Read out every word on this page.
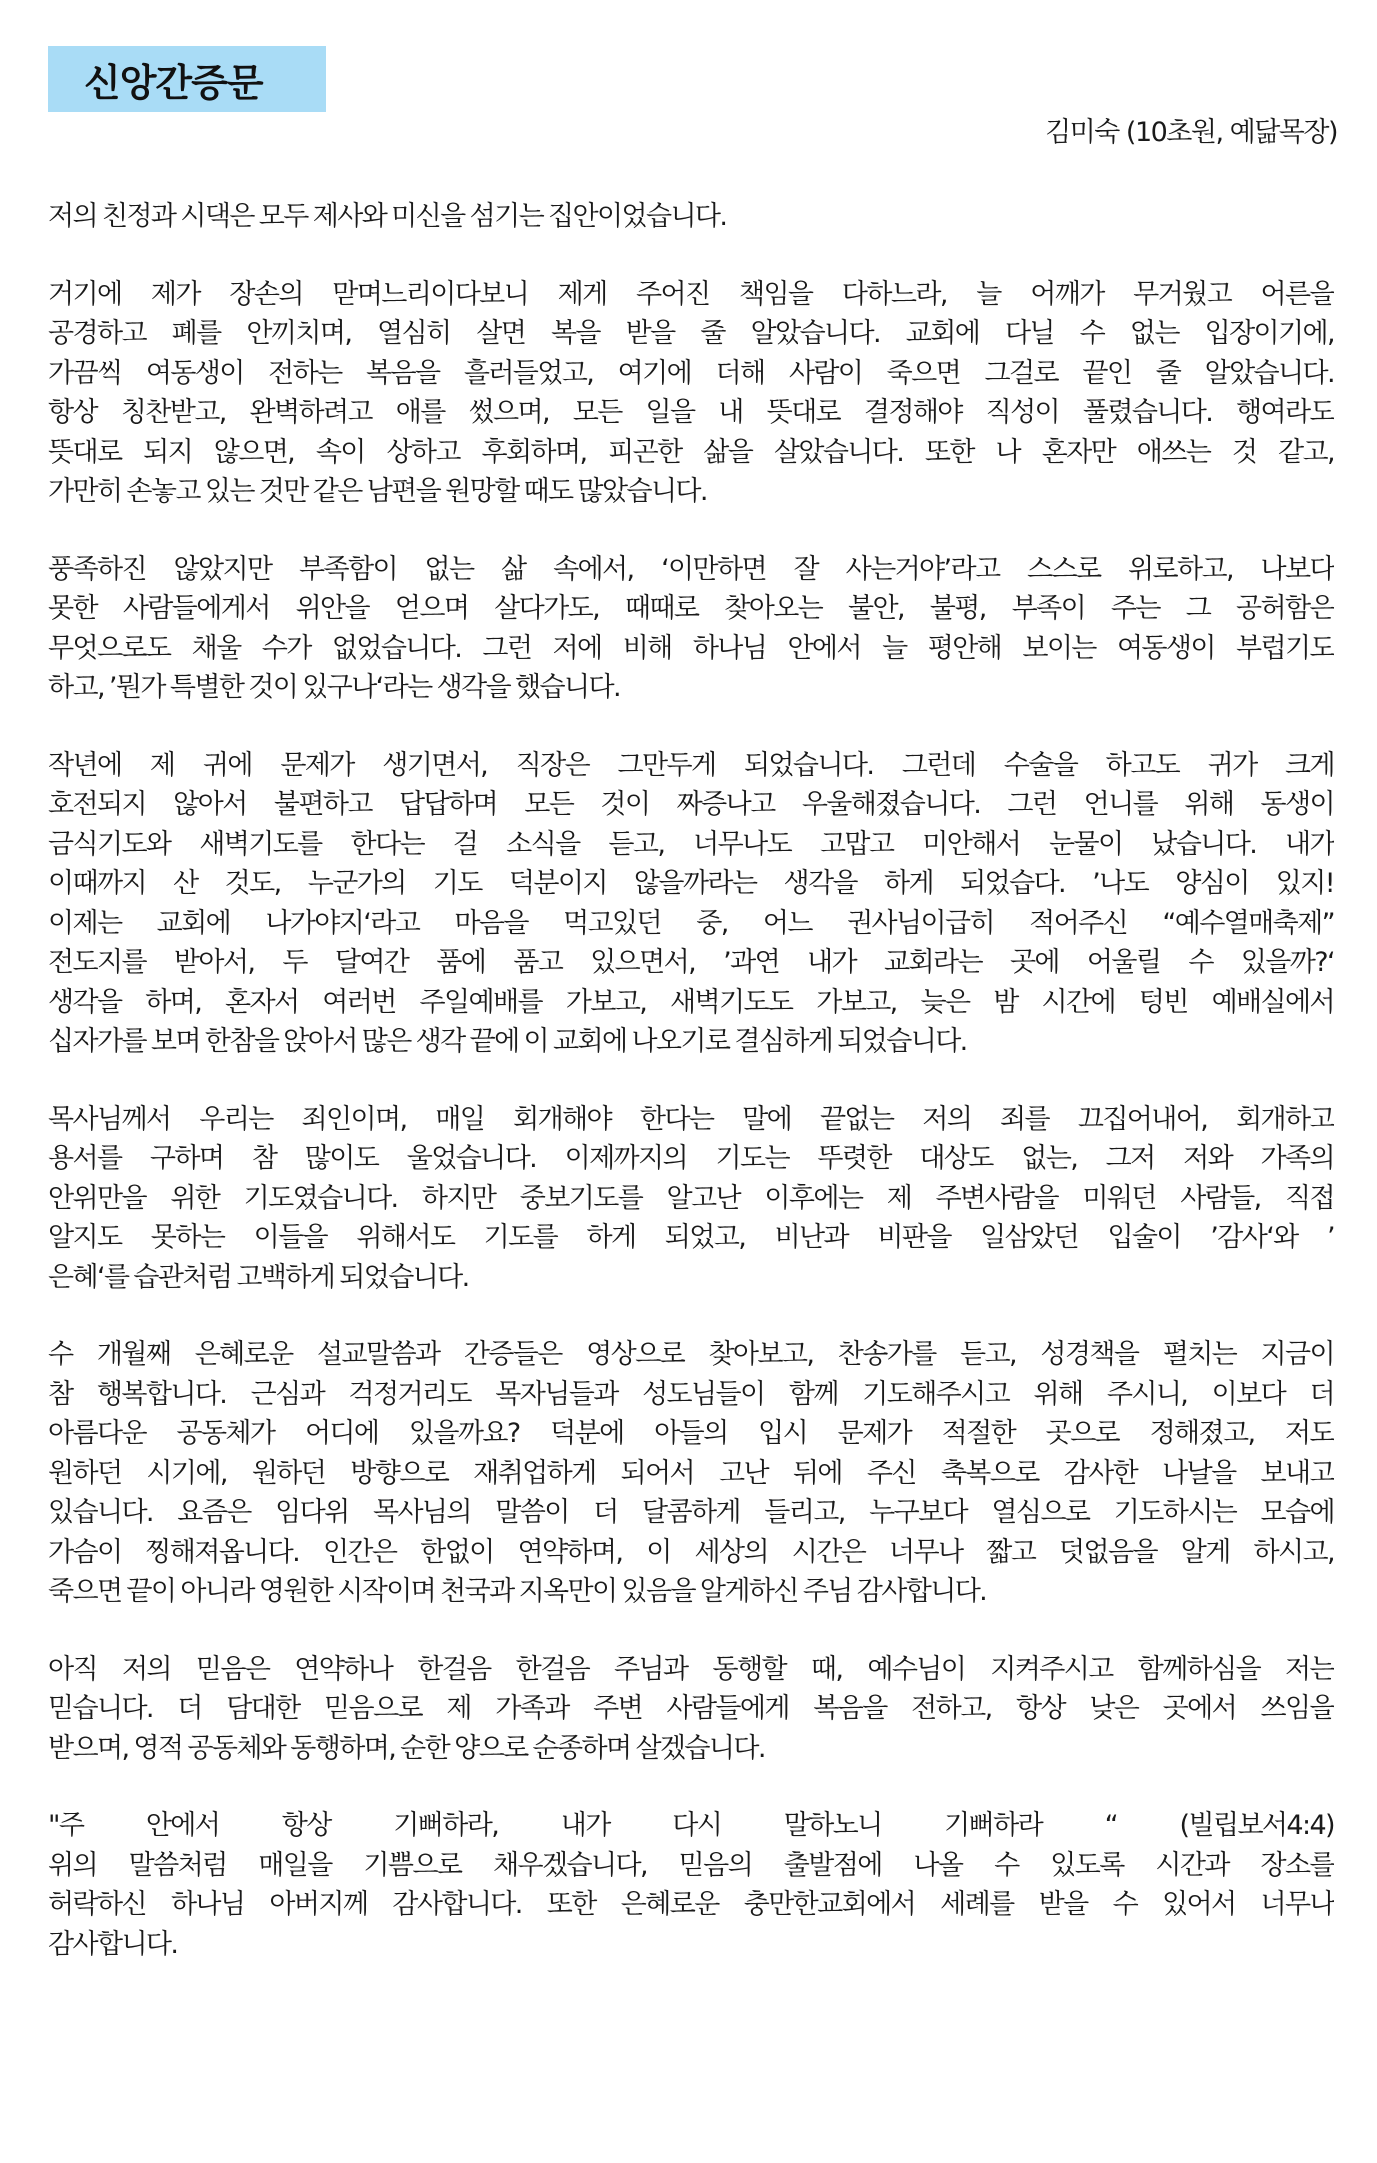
신앙간증문
김미숙 (10초원, 예닮목장)
저의 친정과 시댁은 모두 제사와 미신을 섬기는 집안이었습니다.
거기에 제가 장손의 맏며느리이다보니 제게 주어진 책임을 다하느라, 늘 어깨가 무거웠고 어른을
공경하고 폐를 안끼치며, 열심히 살면 복을 받을 줄 알았습니다. 교회에 다닐 수 없는 입장이기에,
가끔씩 여동생이 전하는 복음을 흘러들었고, 여기에 더해 사람이 죽으면 그걸로 끝인 줄 알았습니다.
항상 칭찬받고, 완벽하려고 애를 썼으며, 모든 일을 내 뜻대로 결정해야 직성이 풀렸습니다. 행여라도
뜻대로 되지 않으면, 속이 상하고 후회하며, 피곤한 삶을 살았습니다. 또한 나 혼자만 애쓰는 것 같고,
가만히 손놓고 있는 것만 같은 남편을 원망할 때도 많았습니다.
풍족하진 않았지만 부족함이 없는 삶 속에서, ‘이만하면 잘 사는거야’라고 스스로 위로하고, 나보다
못한 사람들에게서 위안을 얻으며 살다가도, 때때로 찾아오는 불안, 불평, 부족이 주는 그 공허함은
무엇으로도 채울 수가 없었습니다. 그런 저에 비해 하나님 안에서 늘 평안해 보이는 여동생이 부럽기도
하고, ’뭔가 특별한 것이 있구나‘라는 생각을 했습니다.
작년에 제 귀에 문제가 생기면서, 직장은 그만두게 되었습니다. 그런데 수술을 하고도 귀가 크게
호전되지 않아서 불편하고 답답하며 모든 것이 짜증나고 우울해졌습니다. 그런 언니를 위해 동생이
금식기도와 새벽기도를 한다는 걸 소식을 듣고, 너무나도 고맙고 미안해서 눈물이 났습니다. 내가
이때까지 산 것도, 누군가의 기도 덕분이지 않을까라는 생각을 하게 되었습다. ’나도 양심이 있지!
이제는 교회에 나가야지‘라고 마음을 먹고있던 중, 어느 권사님이급히 적어주신 “예수열매축제”
전도지를 받아서, 두 달여간 품에 품고 있으면서, ’과연 내가 교회라는 곳에 어울릴 수 있을까?‘
생각을 하며, 혼자서 여러번 주일예배를 가보고, 새벽기도도 가보고, 늦은 밤 시간에 텅빈 예배실에서
십자가를 보며 한참을 앉아서 많은 생각 끝에 이 교회에 나오기로 결심하게 되었습니다.
목사님께서 우리는 죄인이며, 매일 회개해야 한다는 말에 끝없는 저의 죄를 끄집어내어, 회개하고
용서를 구하며 참 많이도 울었습니다. 이제까지의 기도는 뚜렷한 대상도 없는, 그저 저와 가족의
안위만을 위한 기도였습니다. 하지만 중보기도를 알고난 이후에는 제 주변사람을 미워던 사람들, 직접
알지도 못하는 이들을 위해서도 기도를 하게 되었고, 비난과 비판을 일삼았던 입술이 ’감사‘와 ’
은혜‘를 습관처럼 고백하게 되었습니다.
수 개월째 은혜로운 설교말씀과 간증들은 영상으로 찾아보고, 찬송가를 듣고, 성경책을 펼치는 지금이
참 행복합니다. 근심과 걱정거리도 목자님들과 성도님들이 함께 기도해주시고 위해 주시니, 이보다 더
아름다운 공동체가 어디에 있을까요? 덕분에 아들의 입시 문제가 적절한 곳으로 정해졌고, 저도
원하던 시기에, 원하던 방향으로 재취업하게 되어서 고난 뒤에 주신 축복으로 감사한 나날을 보내고
있습니다. 요즘은 임다위 목사님의 말씀이 더 달콤하게 들리고, 누구보다 열심으로 기도하시는 모습에
가슴이 찡해져옵니다. 인간은 한없이 연약하며, 이 세상의 시간은 너무나 짧고 덧없음을 알게 하시고,
죽으면 끝이 아니라 영원한 시작이며 천국과 지옥만이 있음을 알게하신 주님 감사합니다.
아직 저의 믿음은 연약하나 한걸음 한걸음 주님과 동행할 때, 예수님이 지켜주시고 함께하심을 저는
믿습니다. 더 담대한 믿음으로 제 가족과 주변 사람들에게 복음을 전하고, 항상 낮은 곳에서 쓰임을
받으며, 영적 공동체와 동행하며, 순한 양으로 순종하며 살겠습니다.
"주 안에서 항상 기뻐하라, 내가 다시 말하노니 기뻐하라 “ (빌립보서4:4)
위의 말씀처럼 매일을 기쁨으로 채우겠습니다, 믿음의 출발점에 나올 수 있도록 시간과 장소를
허락하신 하나님 아버지께 감사합니다. 또한 은혜로운 충만한교회에서 세례를 받을 수 있어서 너무나
감사합니다.
